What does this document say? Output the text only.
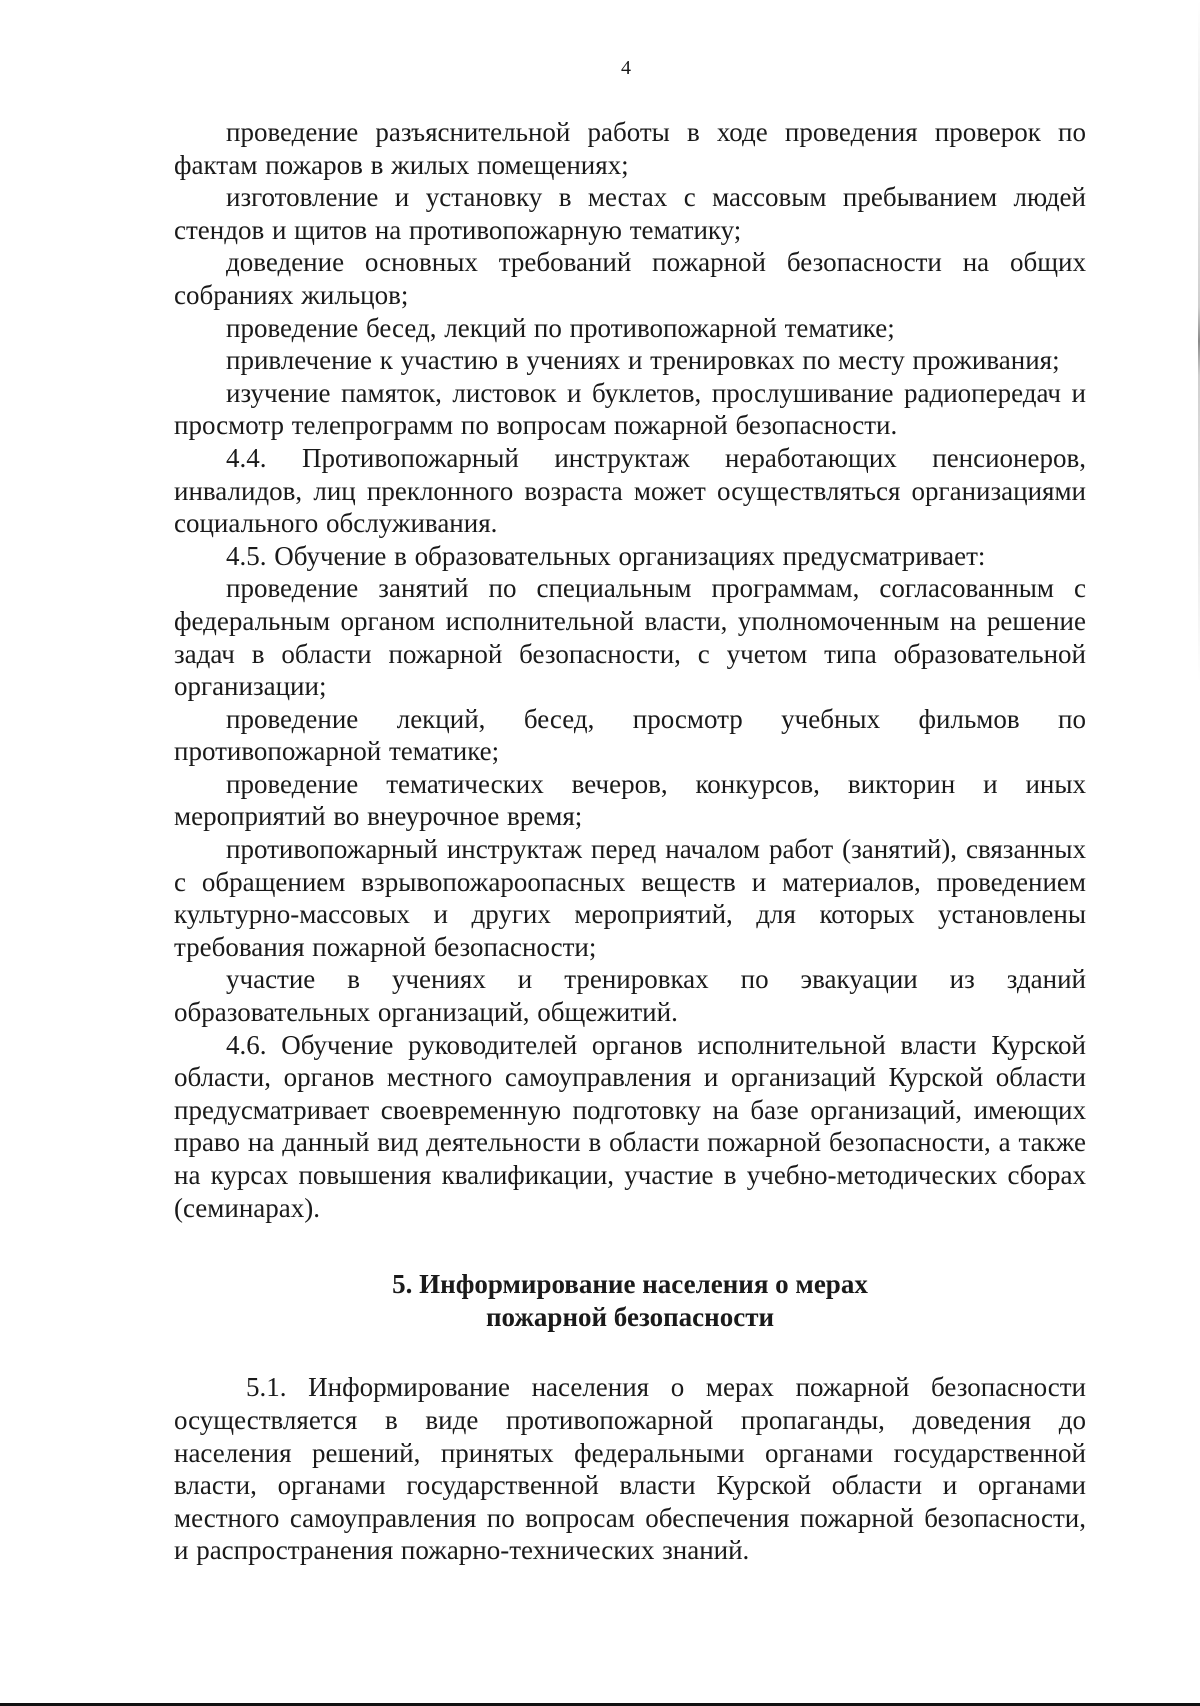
4

проведение разъяснительной работы в ходе проведения проверок по фактам пожаров в жилых помещениях;

изготовление и установку в местах с массовым пребыванием людей стендов и щитов на противопожарную тематику;

доведение основных требований пожарной безопасности на общих собраниях жильцов;

проведение бесед, лекций по противопожарной тематике;

привлечение к участию в учениях и тренировках по месту проживания;

изучение памяток, листовок и буклетов, прослушивание радиопередач и просмотр телепрограмм по вопросам пожарной безопасности.

4.4. Противопожарный инструктаж неработающих пенсионеров, инвалидов, лиц преклонного возраста может осуществляться организациями социального обслуживания.

4.5. Обучение в образовательных организациях предусматривает:

проведение занятий по специальным программам, согласованным с федеральным органом исполнительной власти, уполномоченным на решение задач в области пожарной безопасности, с учетом типа образовательной организации;

проведение лекций, бесед, просмотр учебных фильмов по противопожарной тематике;

проведение тематических вечеров, конкурсов, викторин и иных мероприятий во внеурочное время;

противопожарный инструктаж перед началом работ (занятий), связанных с обращением взрывопожароопасных веществ и материалов, проведением культурно-массовых и других мероприятий, для которых установлены требования пожарной безопасности;

участие в учениях и тренировках по эвакуации из зданий образовательных организаций, общежитий.

4.6. Обучение руководителей органов исполнительной власти Курской области, органов местного самоуправления и организаций Курской области предусматривает своевременную подготовку на базе организаций, имеющих право на данный вид деятельности в области пожарной безопасности, а также на курсах повышения квалификации, участие в учебно-методических сборах (семинарах).

5. Информирование населения о мерах
пожарной безопасности

5.1. Информирование населения о мерах пожарной безопасности осуществляется в виде противопожарной пропаганды, доведения до населения решений, принятых федеральными органами государственной власти, органами государственной власти Курской области и органами местного самоуправления по вопросам обеспечения пожарной безопасности, и распространения пожарно-технических знаний.
